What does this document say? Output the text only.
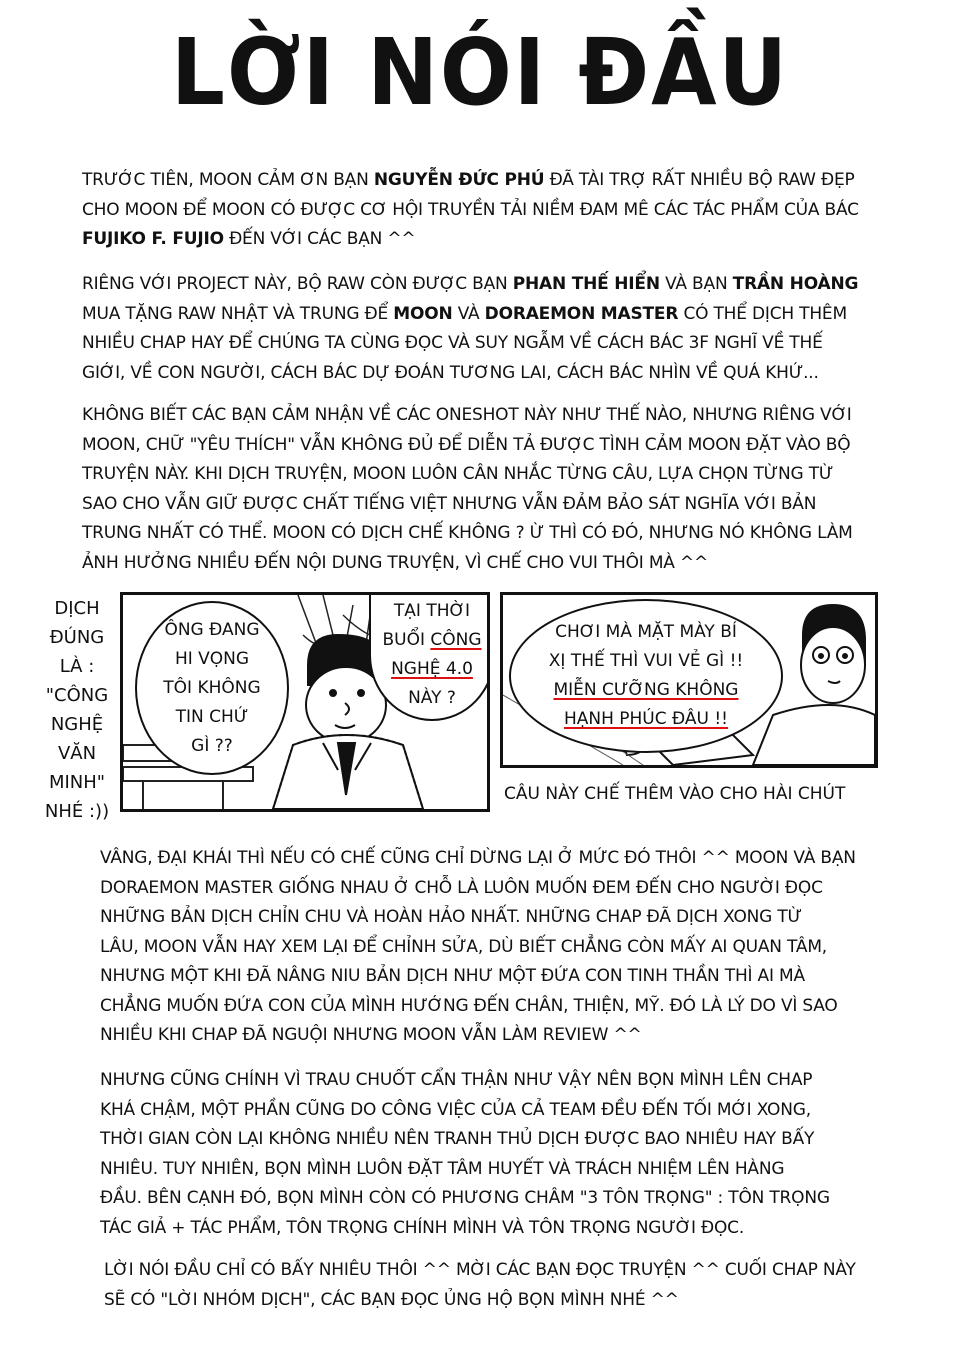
LỜI NÓI ĐẦU
TRƯỚC TIÊN, MOON CẢM ƠN BẠN NGUYỄN ĐỨC PHÚ ĐÃ TÀI TRỢ RẤT NHIỀU BỘ RAW ĐẸP
CHO MOON ĐỂ MOON CÓ ĐƯỢC CƠ HỘI TRUYỀN TẢI NIỀM ĐAM MÊ CÁC TÁC PHẨM CỦA BÁC
FUJIKO F. FUJIO ĐẾN VỚI CÁC BẠN ^^
RIÊNG VỚI PROJECT NÀY, BỘ RAW CÒN ĐƯỢC BẠN PHAN THẾ HIỂN VÀ BẠN TRẦN HOÀNG
MUA TẶNG RAW NHẬT VÀ TRUNG ĐỂ MOON VÀ DORAEMON MASTER CÓ THỂ DỊCH THÊM
NHIỀU CHAP HAY ĐỂ CHÚNG TA CÙNG ĐỌC VÀ SUY NGẪM VỀ CÁCH BÁC 3F NGHĨ VỀ THẾ
GIỚI, VỀ CON NGƯỜI, CÁCH BÁC DỰ ĐOÁN TƯƠNG LAI, CÁCH BÁC NHÌN VỀ QUÁ KHỨ...
KHÔNG BIẾT CÁC BẠN CẢM NHẬN VỀ CÁC ONESHOT NÀY NHƯ THẾ NÀO, NHƯNG RIÊNG VỚI
MOON, CHỮ "YÊU THÍCH" VẪN KHÔNG ĐỦ ĐỂ DIỄN TẢ ĐƯỢC TÌNH CẢM MOON ĐẶT VÀO BỘ
TRUYỆN NÀY. KHI DỊCH TRUYỆN, MOON LUÔN CÂN NHẮC TỪNG CÂU, LỰA CHỌN TỪNG TỪ
SAO CHO VẪN GIỮ ĐƯỢC CHẤT TIẾNG VIỆT NHƯNG VẪN ĐẢM BẢO SÁT NGHĨA VỚI BẢN
TRUNG NHẤT CÓ THỂ. MOON CÓ DỊCH CHẾ KHÔNG ? Ừ THÌ CÓ ĐÓ, NHƯNG NÓ KHÔNG LÀM
ẢNH HƯỞNG NHIỀU ĐẾN NỘI DUNG TRUYỆN, VÌ CHẾ CHO VUI THÔI MÀ ^^
DỊCH
ĐÚNG
LÀ :
"CÔNG
NGHỆ
VĂN
MINH"
NHÉ :))
ÔNG ĐANG
HI VỌNG
TÔI KHÔNG
TIN CHỨ
GÌ ??
TẠI THỜI
BUỔI CÔNG
NGHỆ 4.0
NÀY ?
CHƠI MÀ MẶT MÀY BÍ
XỊ THẾ THÌ VUI VẺ GÌ !!
MIỄN CƯỠNG KHÔNG
HẠNH PHÚC ĐÂU !!
CÂU NÀY CHẾ THÊM VÀO CHO HÀI CHÚT
VÂNG, ĐẠI KHÁI THÌ NẾU CÓ CHẾ CŨNG CHỈ DỪNG LẠI Ở MỨC ĐÓ THÔI ^^ MOON VÀ BẠN
DORAEMON MASTER GIỐNG NHAU Ở CHỖ LÀ LUÔN MUỐN ĐEM ĐẾN CHO NGƯỜI ĐỌC
NHỮNG BẢN DỊCH CHỈN CHU VÀ HOÀN HẢO NHẤT. NHỮNG CHAP ĐÃ DỊCH XONG TỪ
LÂU, MOON VẪN HAY XEM LẠI ĐỂ CHỈNH SỬA, DÙ BIẾT CHẲNG CÒN MẤY AI QUAN TÂM,
NHƯNG MỘT KHI ĐÃ NÂNG NIU BẢN DỊCH NHƯ MỘT ĐỨA CON TINH THẦN THÌ AI MÀ
CHẲNG MUỐN ĐỨA CON CỦA MÌNH HƯỚNG ĐẾN CHÂN, THIỆN, MỸ. ĐÓ LÀ LÝ DO VÌ SAO
NHIỀU KHI CHAP ĐÃ NGUỘI NHƯNG MOON VẪN LÀM REVIEW ^^
NHƯNG CŨNG CHÍNH VÌ TRAU CHUỐT CẨN THẬN NHƯ VẬY NÊN BỌN MÌNH LÊN CHAP
KHÁ CHẬM, MỘT PHẦN CŨNG DO CÔNG VIỆC CỦA CẢ TEAM ĐỀU ĐẾN TỐI MỚI XONG,
THỜI GIAN CÒN LẠI KHÔNG NHIỀU NÊN TRANH THỦ DỊCH ĐƯỢC BAO NHIÊU HAY BẤY
NHIÊU. TUY NHIÊN, BỌN MÌNH LUÔN ĐẶT TÂM HUYẾT VÀ TRÁCH NHIỆM LÊN HÀNG
ĐẦU. BÊN CẠNH ĐÓ, BỌN MÌNH CÒN CÓ PHƯƠNG CHÂM "3 TÔN TRỌNG" : TÔN TRỌNG
TÁC GIẢ + TÁC PHẨM, TÔN TRỌNG CHÍNH MÌNH VÀ TÔN TRỌNG NGƯỜI ĐỌC.
LỜI NÓI ĐẦU CHỈ CÓ BẤY NHIÊU THÔI ^^ MỜI CÁC BẠN ĐỌC TRUYỆN ^^ CUỐI CHAP NÀY
SẼ CÓ "LỜI NHÓM DỊCH", CÁC BẠN ĐỌC ỦNG HỘ BỌN MÌNH NHÉ ^^
